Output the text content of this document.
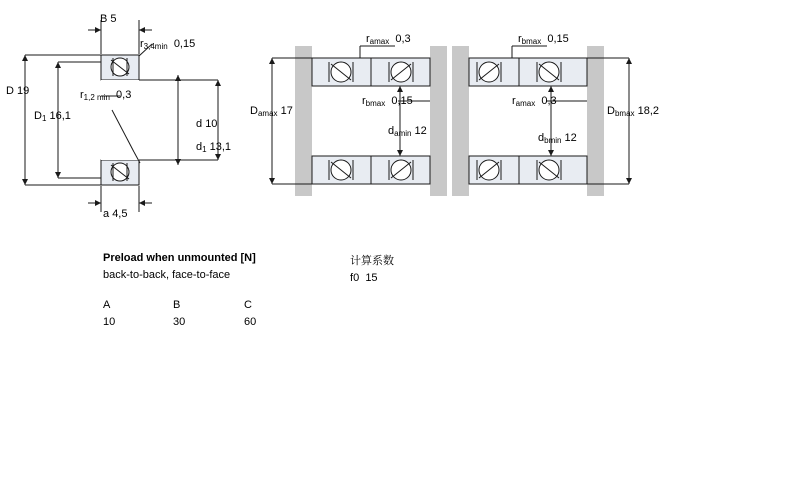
B 5
$r_{3,4min}$ 0,15
D 19	$r_{1,2 min}$ 0,3
$D_1$ 16,1
d 10
$d_1$ 13,1
a 4,5
$r_{amax}$ 0,3
$r_{bmax}$ 0,15
$D_{amax}$ 17
$d_{amin}$ 12
$r_{bmax}$ 0,15
$r_{amax}$ 0,3
$D_{bmax}$ 18,2
$d_{bmin}$ 12
Preload when unmounted [N]
back-to-back, face-to-face
A	B	C
10	30	60
计算系数
f0 15
